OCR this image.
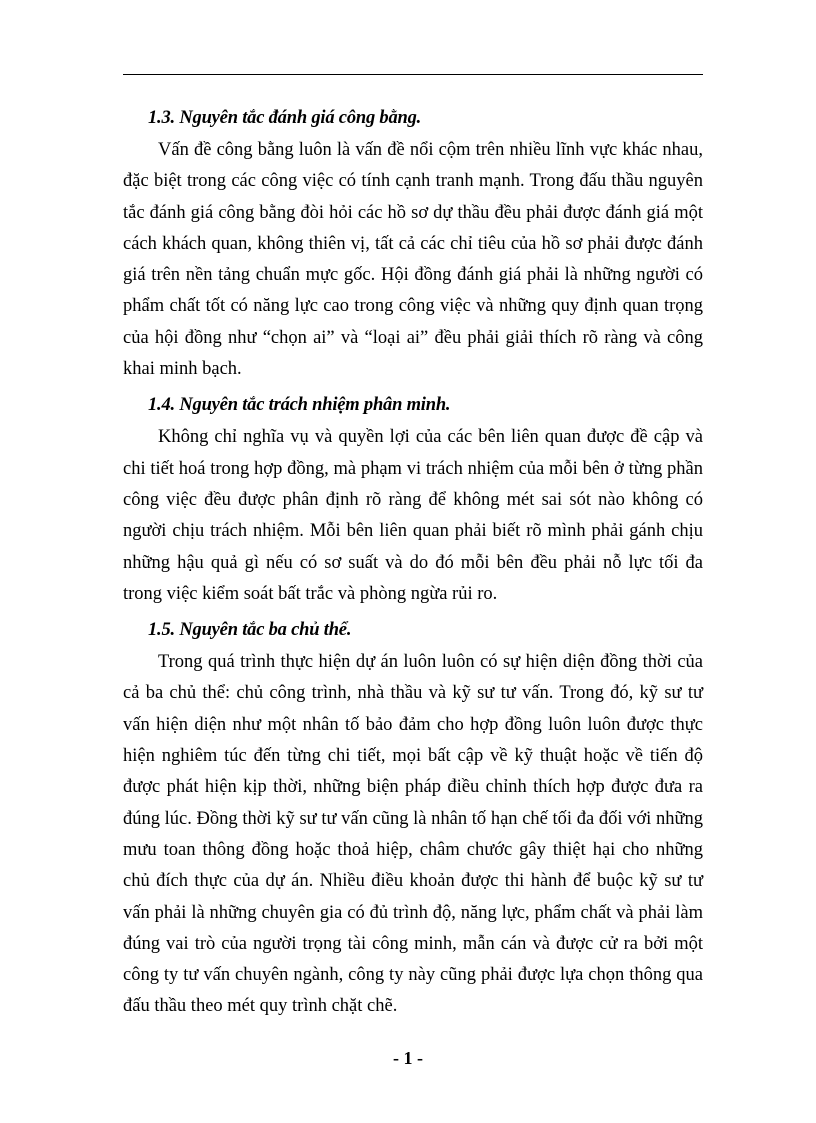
1.3. Nguyên tắc đánh giá công bằng.

Vấn đề công bằng luôn là vấn đề nổi cộm trên nhiều lĩnh vực khác nhau, đặc biệt trong các công việc có tính cạnh tranh mạnh. Trong đấu thầu nguyên tắc đánh giá công bằng đòi hỏi các hồ sơ dự thầu đều phải được đánh giá một cách khách quan, không thiên vị, tất cả các chỉ tiêu của hồ sơ phải được đánh giá trên nền tảng chuẩn mực gốc. Hội đồng đánh giá phải là những người có phẩm chất tốt có năng lực cao trong công việc và những quy định quan trọng của hội đồng như “chọn ai” và “loại ai” đều phải giải thích rõ ràng và công khai minh bạch.

1.4. Nguyên tắc trách nhiệm phân minh.

Không chỉ nghĩa vụ và quyền lợi của các bên liên quan được đề cập và chi tiết hoá trong hợp đồng, mà phạm vi trách nhiệm của mỗi bên ở từng phần công việc đều được phân định rõ ràng để không mét sai sót nào không có người chịu trách nhiệm. Mỗi bên liên quan phải biết rõ mình phải gánh chịu những hậu quả gì nếu có sơ suất và do đó mỗi bên đều phải nỗ lực tối đa trong việc kiểm soát bất trắc và phòng ngừa rủi ro.

1.5. Nguyên tắc ba chủ thể.

Trong quá trình thực hiện dự án luôn luôn có sự hiện diện đồng thời của cả ba chủ thể: chủ công trình, nhà thầu và kỹ sư tư vấn. Trong đó, kỹ sư tư vấn hiện diện như một nhân tố bảo đảm cho hợp đồng luôn luôn được thực hiện nghiêm túc đến từng chi tiết, mọi bất cập về kỹ thuật hoặc về tiến độ được phát hiện kịp thời, những biện pháp điều chỉnh thích hợp được đưa ra đúng lúc. Đồng thời kỹ sư tư vấn cũng là nhân tố hạn chế tối đa đối với những mưu toan thông đồng hoặc thoả hiệp, châm chước gây thiệt hại cho những chủ đích thực của dự án. Nhiều điều khoản được thi hành để buộc kỹ sư tư vấn phải là những chuyên gia có đủ trình độ, năng lực, phẩm chất và phải làm đúng vai trò của người trọng tài công minh, mẫn cán và được cử ra bởi một công ty tư vấn chuyên ngành, công ty này cũng phải được lựa chọn thông qua đấu thầu theo mét quy trình chặt chẽ.

- 1 -
